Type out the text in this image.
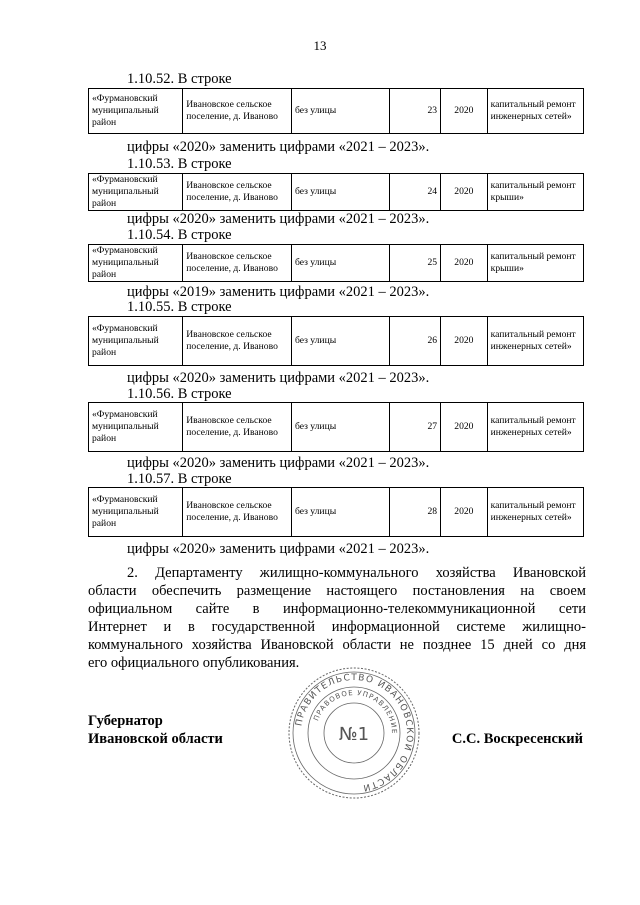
13
1.10.52. В строке
«Фурмановский муниципальный район	Ивановское сельское поселение, д. Иваново	без улицы	23	2020	капитальный ремонт инженерных сетей»
цифры «2020» заменить цифрами «2021 – 2023».
1.10.53. В строке
«Фурмановский муниципальный район	Ивановское сельское поселение, д. Иваново	без улицы	24	2020	капитальный ремонт крыши»
цифры «2020» заменить цифрами «2021 – 2023».
1.10.54. В строке
«Фурмановский муниципальный район	Ивановское сельское поселение, д. Иваново	без улицы	25	2020	капитальный ремонт крыши»
цифры «2019» заменить цифрами «2021 – 2023».
1.10.55. В строке
«Фурмановский муниципальный район	Ивановское сельское поселение, д. Иваново	без улицы	26	2020	капитальный ремонт инженерных сетей»
цифры «2020» заменить цифрами «2021 – 2023».
1.10.56. В строке
«Фурмановский муниципальный район	Ивановское сельское поселение, д. Иваново	без улицы	27	2020	капитальный ремонт инженерных сетей»
цифры «2020» заменить цифрами «2021 – 2023».
1.10.57. В строке
«Фурмановский муниципальный район	Ивановское сельское поселение, д. Иваново	без улицы	28	2020	капитальный ремонт инженерных сетей»
цифры «2020» заменить цифрами «2021 – 2023».
2. Департаменту жилищно-коммунального хозяйства Ивановской
области обеспечить размещение настоящего постановления на своем
официальном сайте в информационно-телекоммуникационной сети
Интернет и в государственной информационной системе жилищно-
коммунального хозяйства Ивановской области не позднее 15 дней со дня
его официального опубликования.
Губернатор
Ивановской области	С.С. Воскресенский
ПРАВИТЕЛЬСТВО ИВАНОВСКОЙ ОБЛАСТИ
ПРАВОВОЕ УПРАВЛЕНИЕ
№1
